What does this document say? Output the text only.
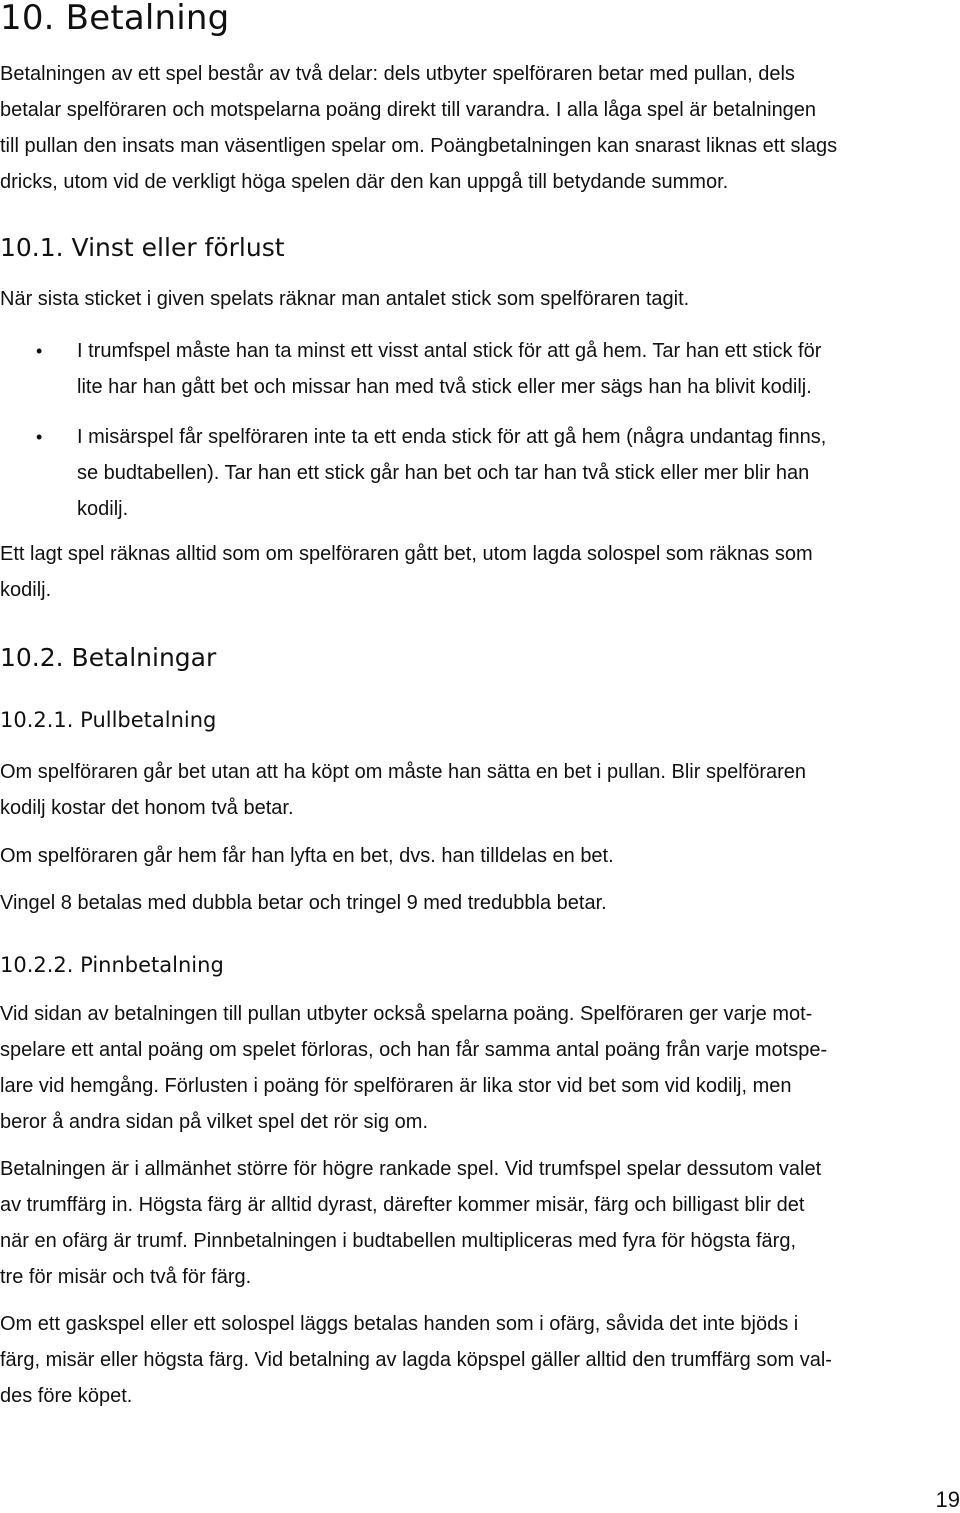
10. Betalning
Betalningen av ett spel består av två delar: dels utbyter spelföraren betar med pullan, dels
betalar spelföraren och motspelarna poäng direkt till varandra. I alla låga spel är betalningen
till pullan den insats man väsentligen spelar om. Poängbetalningen kan snarast liknas ett slags
dricks, utom vid de verkligt höga spelen där den kan uppgå till betydande summor.
10.1. Vinst eller förlust
När sista sticket i given spelats räknar man antalet stick som spelföraren tagit.
• I trumfspel måste han ta minst ett visst antal stick för att gå hem. Tar han ett stick för
lite har han gått bet och missar han med två stick eller mer sägs han ha blivit kodilj.
• I misärspel får spelföraren inte ta ett enda stick för att gå hem (några undantag finns,
se budtabellen). Tar han ett stick går han bet och tar han två stick eller mer blir han
kodilj.
Ett lagt spel räknas alltid som om spelföraren gått bet, utom lagda solospel som räknas som
kodilj.
10.2. Betalningar
10.2.1. Pullbetalning
Om spelföraren går bet utan att ha köpt om måste han sätta en bet i pullan. Blir spelföraren
kodilj kostar det honom två betar.
Om spelföraren går hem får han lyfta en bet, dvs. han tilldelas en bet.
Vingel 8 betalas med dubbla betar och tringel 9 med tredubbla betar.
10.2.2. Pinnbetalning
Vid sidan av betalningen till pullan utbyter också spelarna poäng. Spelföraren ger varje mot-
spelare ett antal poäng om spelet förloras, och han får samma antal poäng från varje motspe-
lare vid hemgång. Förlusten i poäng för spelföraren är lika stor vid bet som vid kodilj, men
beror å andra sidan på vilket spel det rör sig om.
Betalningen är i allmänhet större för högre rankade spel. Vid trumfspel spelar dessutom valet
av trumffärg in. Högsta färg är alltid dyrast, därefter kommer misär, färg och billigast blir det
när en ofärg är trumf. Pinnbetalningen i budtabellen multipliceras med fyra för högsta färg,
tre för misär och två för färg.
Om ett gaskspel eller ett solospel läggs betalas handen som i ofärg, såvida det inte bjöds i
färg, misär eller högsta färg. Vid betalning av lagda köpspel gäller alltid den trumffärg som val-
des före köpet.
19
